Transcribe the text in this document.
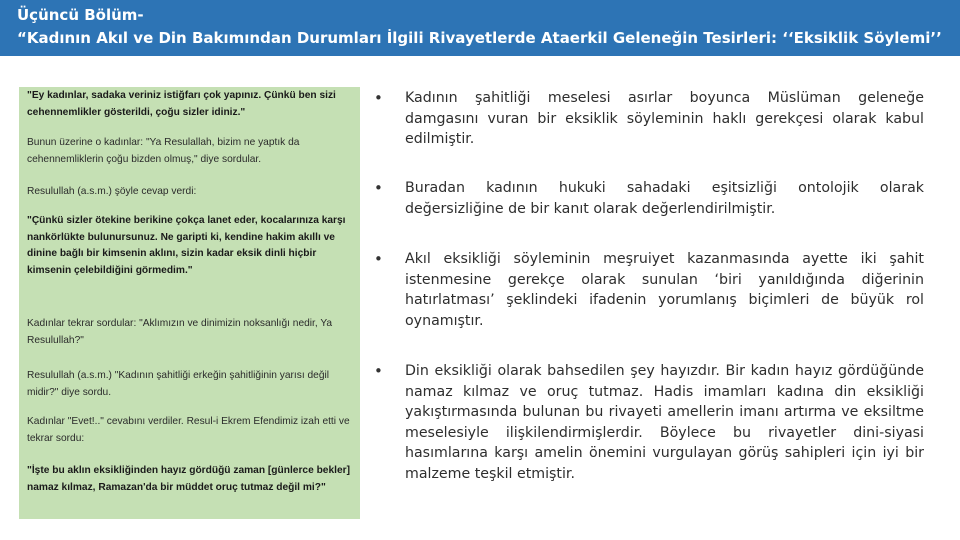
Üçüncü Bölüm-
“Kadının Akıl ve Din Bakımından Durumları İlgili Rivayetlerde Ataerkil Geleneğin Tesirleri: ‘‘Eksiklik Söylemi’’
"Ey kadınlar, sadaka veriniz istiğfarı çok yapınız. Çünkü ben sizi cehennemlikler gösterildi, çoğu sizler idiniz."
Bunun üzerine o kadınlar: "Ya Resulallah, bizim ne yaptık da cehennemliklerin çoğu bizden olmuş," diye sordular.
Resulullah (a.s.m.) şöyle cevap verdi:
"Çünkü sizler ötekine berikine çokça lanet eder, kocalarınıza karşı nankörlükte bulunursunuz. Ne garipti ki, kendine hakim akıllı ve dinine bağlı bir kimsenin aklını, sizin kadar eksik dinli hiçbir kimsenin çelebildiğini görmedim."
Kadınlar tekrar sordular: "Aklımızın ve dinimizin noksanlığı nedir, Ya Resulullah?"
Resulullah (a.s.m.) "Kadının şahitliği erkeğin şahitliğinin yarısı değil midir?" diye sordu.
Kadınlar "Evet!.." cevabını verdiler. Resul-i Ekrem Efendimiz izah etti ve tekrar sordu:
"İşte bu aklın eksikliğinden hayız gördüğü zaman [günlerce bekler] namaz kılmaz, Ramazan'da bir müddet oruç tutmaz değil mi?"
• Kadının şahitliği meselesi asırlar boyunca Müslüman geleneğe damgasını vuran bir eksiklik söyleminin haklı gerekçesi olarak kabul edilmiştir.
• Buradan kadının hukuki sahadaki eşitsizliği ontolojik olarak değersizliğine de bir kanıt olarak değerlendirilmiştir.
• Akıl eksikliği söyleminin meşruiyet kazanmasında ayette iki şahit istenmesine gerekçe olarak sunulan ‘biri yanıldığında diğerinin hatırlatması’ şeklindeki ifadenin yorumlanış biçimleri de büyük rol oynamıştır.
• Din eksikliği olarak bahsedilen şey hayızdır. Bir kadın hayız gördüğünde namaz kılmaz ve oruç tutmaz. Hadis imamları kadına din eksikliği yakıştırmasında bulunan bu rivayeti amellerin imanı artırma ve eksiltme meselesiyle ilişkilendirmişlerdir. Böylece bu rivayetler dini-siyasi hasımlarına karşı amelin önemini vurgulayan görüş sahipleri için iyi bir malzeme teşkil etmiştir.
